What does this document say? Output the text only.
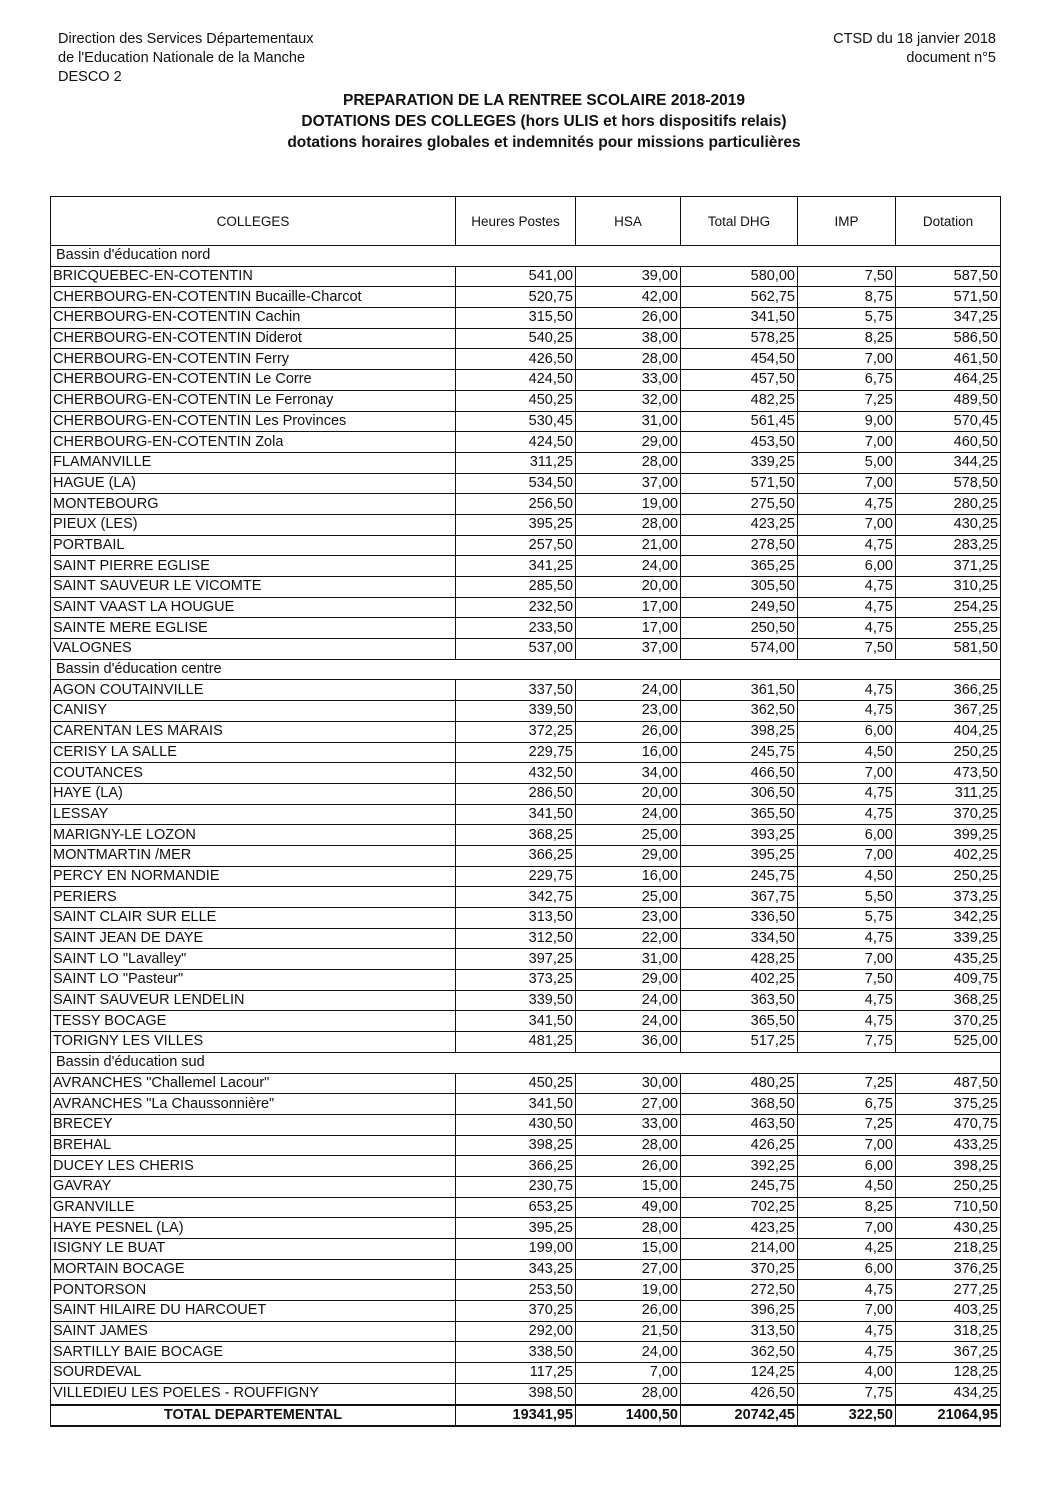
Direction des Services Départementaux
de l'Education Nationale de la Manche
DESCO 2
CTSD du 18 janvier 2018
document n°5
PREPARATION DE LA RENTREE SCOLAIRE 2018-2019
DOTATIONS DES COLLEGES (hors ULIS et hors dispositifs relais)
dotations horaires globales et indemnités pour missions particulières
COLLEGES	Heures Postes	HSA	Total DHG	IMP	Dotation
Bassin d'éducation nord					
BRICQUEBEC-EN-COTENTIN	541,00	39,00	580,00	7,50	587,50
CHERBOURG-EN-COTENTIN Bucaille-Charcot	520,75	42,00	562,75	8,75	571,50
CHERBOURG-EN-COTENTIN Cachin	315,50	26,00	341,50	5,75	347,25
CHERBOURG-EN-COTENTIN Diderot	540,25	38,00	578,25	8,25	586,50
CHERBOURG-EN-COTENTIN Ferry	426,50	28,00	454,50	7,00	461,50
CHERBOURG-EN-COTENTIN Le Corre	424,50	33,00	457,50	6,75	464,25
CHERBOURG-EN-COTENTIN Le Ferronay	450,25	32,00	482,25	7,25	489,50
CHERBOURG-EN-COTENTIN Les Provinces	530,45	31,00	561,45	9,00	570,45
CHERBOURG-EN-COTENTIN Zola	424,50	29,00	453,50	7,00	460,50
FLAMANVILLE	311,25	28,00	339,25	5,00	344,25
HAGUE (LA)	534,50	37,00	571,50	7,00	578,50
MONTEBOURG	256,50	19,00	275,50	4,75	280,25
PIEUX (LES)	395,25	28,00	423,25	7,00	430,25
PORTBAIL	257,50	21,00	278,50	4,75	283,25
SAINT PIERRE EGLISE	341,25	24,00	365,25	6,00	371,25
SAINT SAUVEUR LE VICOMTE	285,50	20,00	305,50	4,75	310,25
SAINT VAAST LA HOUGUE	232,50	17,00	249,50	4,75	254,25
SAINTE MERE EGLISE	233,50	17,00	250,50	4,75	255,25
VALOGNES	537,00	37,00	574,00	7,50	581,50
Bassin d'éducation centre					
AGON COUTAINVILLE	337,50	24,00	361,50	4,75	366,25
CANISY	339,50	23,00	362,50	4,75	367,25
CARENTAN LES MARAIS	372,25	26,00	398,25	6,00	404,25
CERISY LA SALLE	229,75	16,00	245,75	4,50	250,25
COUTANCES	432,50	34,00	466,50	7,00	473,50
HAYE (LA)	286,50	20,00	306,50	4,75	311,25
LESSAY	341,50	24,00	365,50	4,75	370,25
MARIGNY-LE LOZON	368,25	25,00	393,25	6,00	399,25
MONTMARTIN /MER	366,25	29,00	395,25	7,00	402,25
PERCY EN NORMANDIE	229,75	16,00	245,75	4,50	250,25
PERIERS	342,75	25,00	367,75	5,50	373,25
SAINT CLAIR SUR ELLE	313,50	23,00	336,50	5,75	342,25
SAINT JEAN DE DAYE	312,50	22,00	334,50	4,75	339,25
SAINT LO "Lavalley"	397,25	31,00	428,25	7,00	435,25
SAINT LO "Pasteur"	373,25	29,00	402,25	7,50	409,75
SAINT SAUVEUR LENDELIN	339,50	24,00	363,50	4,75	368,25
TESSY BOCAGE	341,50	24,00	365,50	4,75	370,25
TORIGNY LES VILLES	481,25	36,00	517,25	7,75	525,00
Bassin d'éducation sud					
AVRANCHES "Challemel Lacour"	450,25	30,00	480,25	7,25	487,50
AVRANCHES "La Chaussonnière"	341,50	27,00	368,50	6,75	375,25
BRECEY	430,50	33,00	463,50	7,25	470,75
BREHAL	398,25	28,00	426,25	7,00	433,25
DUCEY LES CHERIS	366,25	26,00	392,25	6,00	398,25
GAVRAY	230,75	15,00	245,75	4,50	250,25
GRANVILLE	653,25	49,00	702,25	8,25	710,50
HAYE PESNEL (LA)	395,25	28,00	423,25	7,00	430,25
ISIGNY LE BUAT	199,00	15,00	214,00	4,25	218,25
MORTAIN BOCAGE	343,25	27,00	370,25	6,00	376,25
PONTORSON	253,50	19,00	272,50	4,75	277,25
SAINT HILAIRE DU HARCOUET	370,25	26,00	396,25	7,00	403,25
SAINT JAMES	292,00	21,50	313,50	4,75	318,25
SARTILLY BAIE BOCAGE	338,50	24,00	362,50	4,75	367,25
SOURDEVAL	117,25	7,00	124,25	4,00	128,25
VILLEDIEU LES POELES - ROUFFIGNY	398,50	28,00	426,50	7,75	434,25
TOTAL DEPARTEMENTAL	19341,95	1400,50	20742,45	322,50	21064,95
